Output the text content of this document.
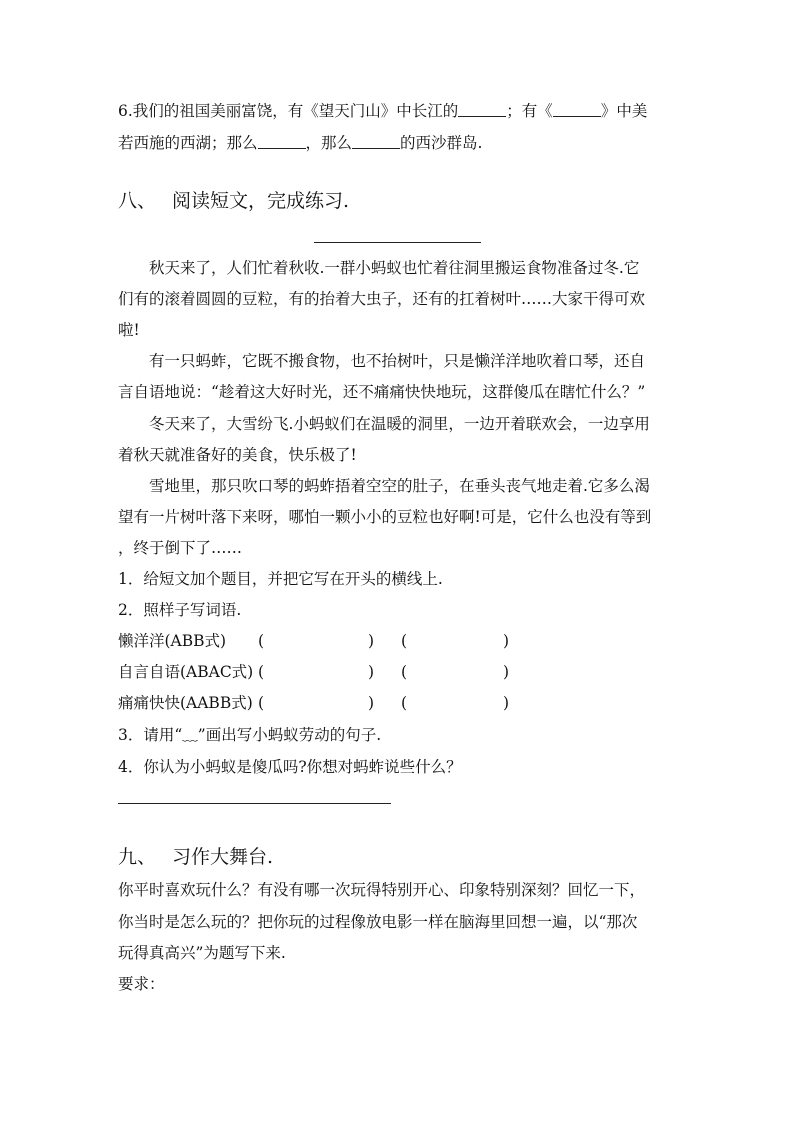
6.我们的祖国美丽富饶，有《望天门山》中长江的	；有《	》中美
若西施的西湖；那么	，那么	的西沙群岛.
八、 阅读短文，完成练习.
秋天来了，人们忙着秋收.一群小蚂蚁也忙着往洞里搬运食物准备过冬.它
们有的滚着圆圆的豆粒，有的抬着大虫子，还有的扛着树叶……大家干得可欢
啦!
有一只蚂蚱，它既不搬食物，也不抬树叶，只是懒洋洋地吹着口琴，还自
言自语地说：“趁着这大好时光，还不痛痛快快地玩，这群傻瓜在瞎忙什么？”
冬天来了，大雪纷飞.小蚂蚁们在温暖的洞里，一边开着联欢会，一边享用
着秋天就准备好的美食，快乐极了!
雪地里，那只吹口琴的蚂蚱捂着空空的肚子，在垂头丧气地走着.它多么渴
望有一片树叶落下来呀，哪怕一颗小小的豆粒也好啊!可是，它什么也没有等到
，终于倒下了……
1．给短文加个题目，并把它写在开头的横线上.
2．照样子写词语.
懒洋洋(ABB式) (	) (	)
自言自语(ABAC式) (	) (	)
痛痛快快(AABB式) (	) (	)
3．请用“﹏”画出写小蚂蚁劳动的句子.
4．你认为小蚂蚁是傻瓜吗?你想对蚂蚱说些什么？
九、 习作大舞台.
你平时喜欢玩什么？有没有哪一次玩得特别开心、印象特别深刻？回忆一下，
你当时是怎么玩的？把你玩的过程像放电影一样在脑海里回想一遍，以“那次
玩得真高兴”为题写下来.
要求：
